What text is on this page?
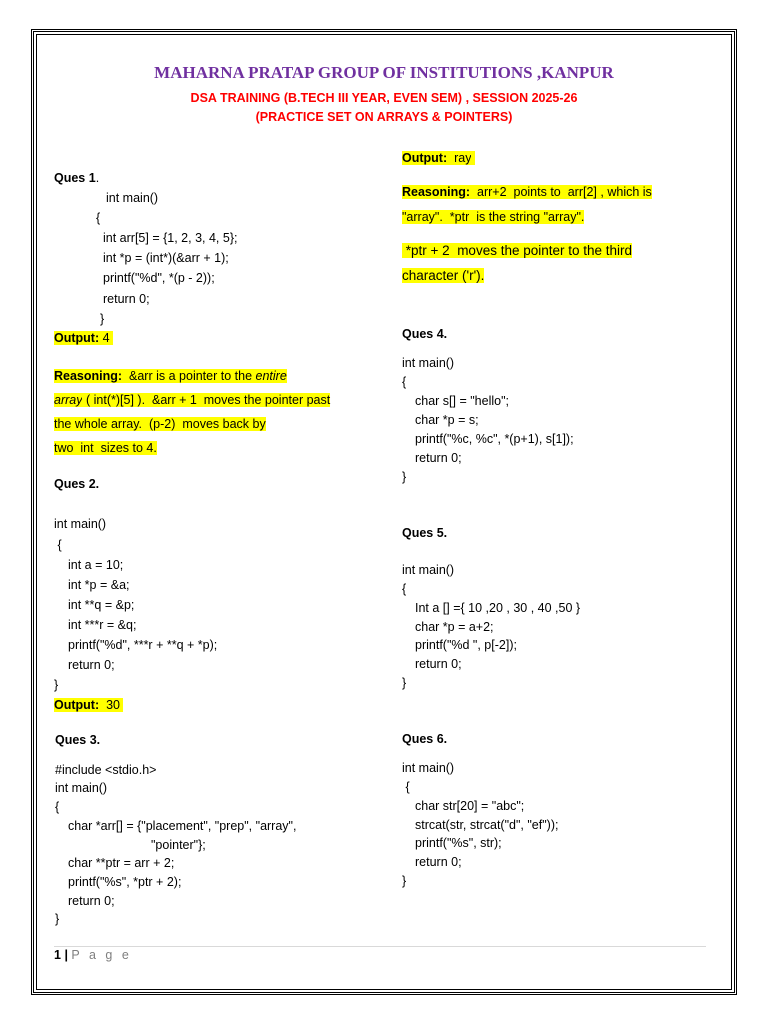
MAHARNA PRATAP GROUP OF INSTITUTIONS ,KANPUR
DSA TRAINING (B.TECH III YEAR, EVEN SEM) , SESSION 2025-26
(PRACTICE SET ON ARRAYS & POINTERS)
Ques 1.
int main()
{
int arr[5] = {1, 2, 3, 4, 5};
int *p = (int*)(&arr + 1);
printf("%d", *(p - 2));
return 0;
}
Output: 4
Reasoning: &arr is a pointer to the entire
array ( int(*)[5] ). &arr + 1 moves the pointer past
the whole array. (p-2) moves back by
two int sizes to 4.
Ques 2.
int main()
{
int a = 10;
int *p = &a;
int **q = &p;
int ***r = &q;
printf("%d", ***r + **q + *p);
return 0;
}
Output: 30
Ques 3.
#include <stdio.h>
int main()
{
char *arr[] = {"placement", "prep", "array",
"pointer"};
char **ptr = arr + 2;
printf("%s", *ptr + 2);
return 0;
}
Output: ray
Reasoning: arr+2 points to arr[2] , which is
"array". *ptr is the string "array".
*ptr + 2 moves the pointer to the third
character ('r').
Ques 4.
int main()
{
char s[] = "hello";
char *p = s;
printf("%c, %c", *(p+1), s[1]);
return 0;
}
Ques 5.
int main()
{
Int a [] ={ 10 ,20 , 30 , 40 ,50 }
char *p = a+2;
printf("%d ", p[-2]);
return 0;
}
Ques 6.
int main()
{
char str[20] = "abc";
strcat(str, strcat("d", "ef"));
printf("%s", str);
return 0;
}
1 | P a g e
